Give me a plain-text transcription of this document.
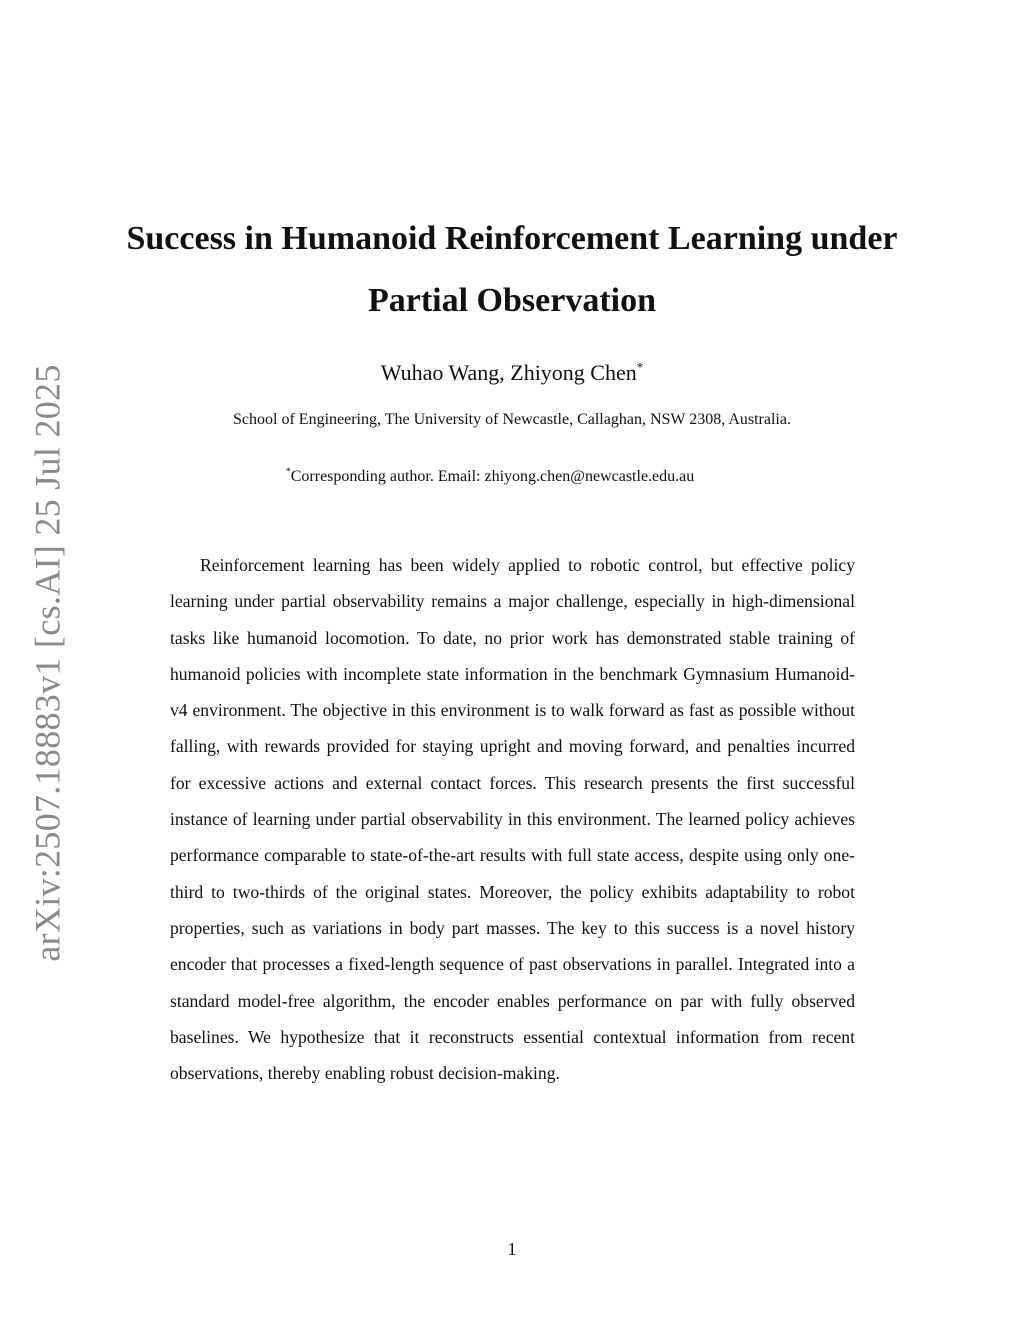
arXiv:2507.18883v1 [cs.AI] 25 Jul 2025
Success in Humanoid Reinforcement Learning under Partial Observation
Wuhao Wang, Zhiyong Chen*
School of Engineering, The University of Newcastle, Callaghan, NSW 2308, Australia.
*Corresponding author. Email: zhiyong.chen@newcastle.edu.au

Reinforcement learning has been widely applied to robotic control, but effective policy learning under partial observability remains a major challenge, especially in high-dimensional tasks like humanoid locomotion. To date, no prior work has demonstrated stable training of humanoid policies with incomplete state information in the benchmark Gymnasium Humanoid-v4 environment. The objective in this environment is to walk forward as fast as possible without falling, with rewards provided for staying upright and moving forward, and penalties incurred for excessive actions and external contact forces. This research presents the first successful instance of learning under partial observability in this environment. The learned policy achieves performance comparable to state-of-the-art results with full state access, despite using only one-third to two-thirds of the original states. Moreover, the policy exhibits adaptability to robot properties, such as variations in body part masses. The key to this success is a novel history encoder that processes a fixed-length sequence of past observations in parallel. Integrated into a standard model-free algorithm, the encoder enables performance on par with fully observed baselines. We hypothesize that it reconstructs essential contextual information from recent observations, thereby enabling robust decision-making.

1
